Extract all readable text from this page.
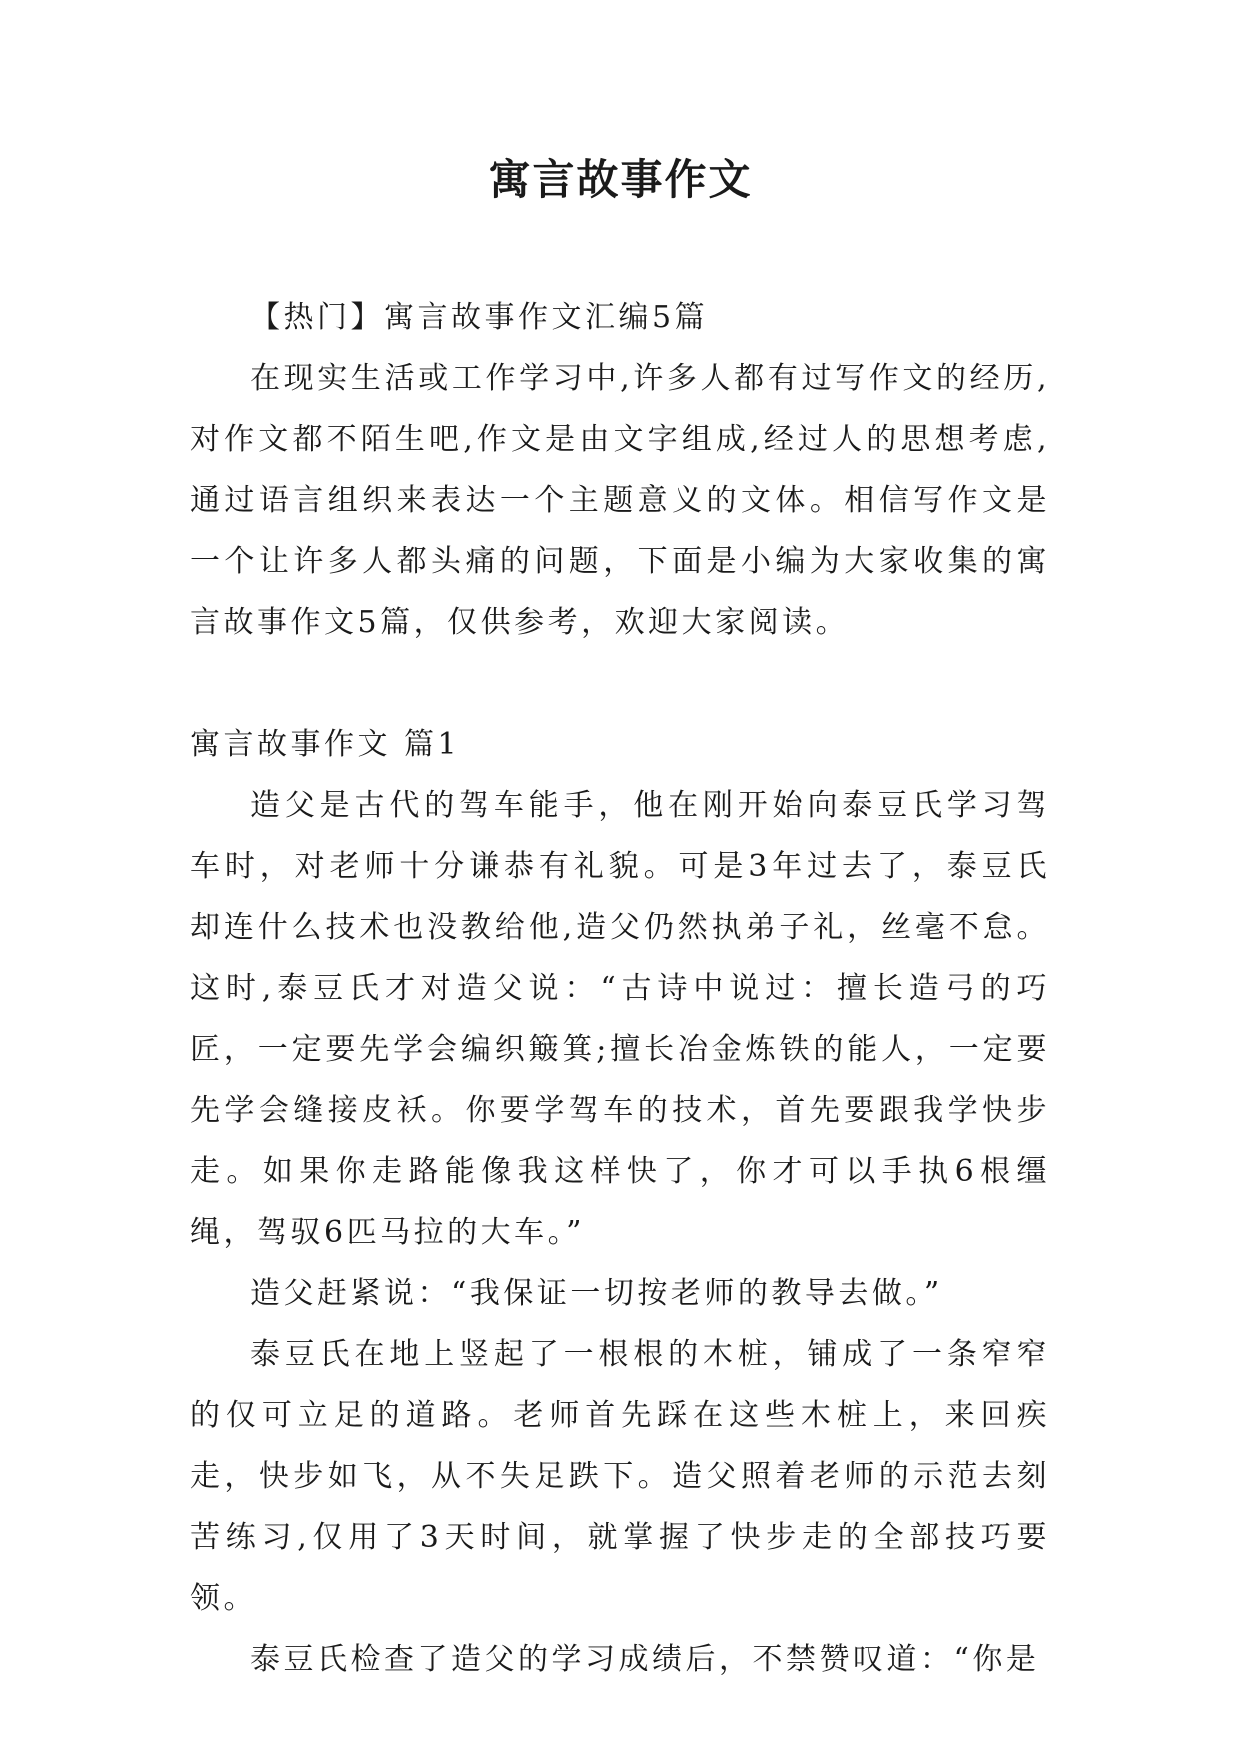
寓言故事作文

【热门】寓言故事作文汇编5篇

在现实生活或工作学习中,许多人都有过写作文的经历,对作文都不陌生吧,作文是由文字组成,经过人的思想考虑,通过语言组织来表达一个主题意义的文体。相信写作文是一个让许多人都头痛的问题，下面是小编为大家收集的寓言故事作文5篇，仅供参考，欢迎大家阅读。

寓言故事作文 篇1

造父是古代的驾车能手，他在刚开始向泰豆氏学习驾车时，对老师十分谦恭有礼貌。可是3年过去了，泰豆氏却连什么技术也没教给他,造父仍然执弟子礼，丝毫不怠。这时,泰豆氏才对造父说：“古诗中说过：擅长造弓的巧匠，一定要先学会编织簸箕;擅长冶金炼铁的能人，一定要先学会缝接皮袄。你要学驾车的技术，首先要跟我学快步走。如果你走路能像我这样快了，你才可以手执6根缰绳，驾驭6匹马拉的大车。”

造父赶紧说：“我保证一切按老师的教导去做。”

泰豆氏在地上竖起了一根根的木桩，铺成了一条窄窄的仅可立足的道路。老师首先踩在这些木桩上，来回疾走，快步如飞，从不失足跌下。造父照着老师的示范去刻苦练习,仅用了3天时间，就掌握了快步走的全部技巧要领。

泰豆氏检查了造父的学习成绩后，不禁赞叹道：“你是
